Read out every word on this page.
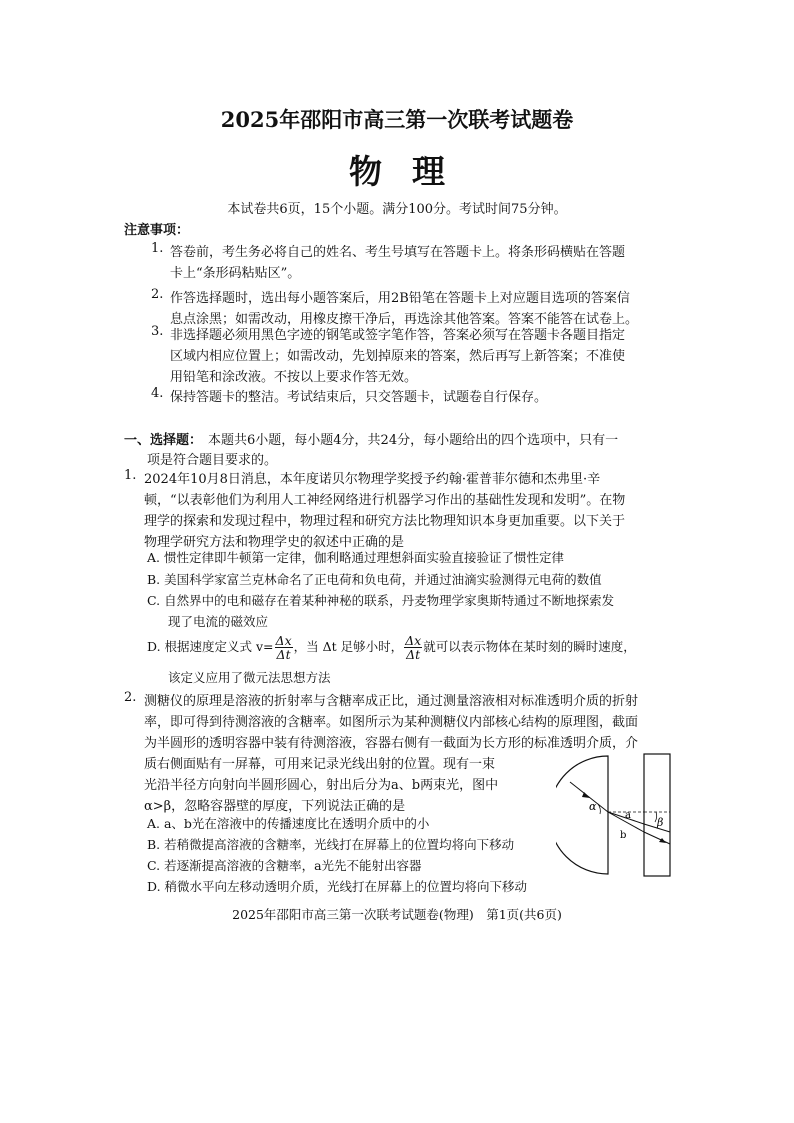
2025年邵阳市高三第一次联考试题卷
物理
本试卷共6页，15个小题。满分100分。考试时间75分钟。
注意事项：
1. 答卷前，考生务必将自己的姓名、考生号填写在答题卡上。将条形码横贴在答题
卡上“条形码粘贴区”。
2. 作答选择题时，选出每小题答案后，用2B铅笔在答题卡上对应题目选项的答案信
息点涂黑；如需改动，用橡皮擦干净后，再选涂其他答案。答案不能答在试卷上。
3. 非选择题必须用黑色字迹的钢笔或签字笔作答，答案必须写在答题卡各题目指定
区域内相应位置上；如需改动，先划掉原来的答案，然后再写上新答案；不准使
用铅笔和涂改液。不按以上要求作答无效。
4. 保持答题卡的整洁。考试结束后，只交答题卡，试题卷自行保存。
一、选择题： 本题共6小题，每小题4分，共24分，每小题给出的四个选项中，只有一
项是符合题目要求的。
1. 2024年10月8日消息，本年度诺贝尔物理学奖授予约翰·霍普菲尔德和杰弗里·辛
顿，“以表彰他们为利用人工神经网络进行机器学习作出的基础性发现和发明”。在物
理学的探索和发现过程中，物理过程和研究方法比物理知识本身更加重要。以下关于
物理学研究方法和物理学史的叙述中正确的是
A. 惯性定律即牛顿第一定律，伽利略通过理想斜面实验直接验证了惯性定律
B. 美国科学家富兰克林命名了正电荷和负电荷，并通过油滴实验测得元电荷的数值
C. 自然界中的电和磁存在着某种神秘的联系，丹麦物理学家奥斯特通过不断地探索发
现了电流的磁效应
D. 根据速度定义式 $v= \frac{\Delta x}{\Delta t}$ ，当 Δt 足够小时， $\frac{\Delta x}{\Delta t}$ 就可以表示物体在某时刻的瞬时速度，
该定义应用了微元法思想方法
2. 测糖仪的原理是溶液的折射率与含糖率成正比，通过测量溶液相对标准透明介质的折射
率，即可得到待测溶液的含糖率。如图所示为某种测糖仪内部核心结构的原理图，截面
为半圆形的透明容器中装有待测溶液，容器右侧有一截面为长方形的标准透明介质，介
质右侧面贴有一屏幕，可用来记录光线出射的位置。现有一束
光沿半径方向射向半圆形圆心，射出后分为a、b两束光，图中
α>β，忽略容器壁的厚度，下列说法正确的是
A. a、b光在溶液中的传播速度比在透明介质中的小
B. 若稍微提高溶液的含糖率，光线打在屏幕上的位置均将向下移动
C. 若逐渐提高溶液的含糖率，a光先不能射出容器
D. 稍微水平向左移动透明介质，光线打在屏幕上的位置均将向下移动
α
β
a
b
2025年邵阳市高三第一次联考试题卷(物理)　第1页(共6页)
